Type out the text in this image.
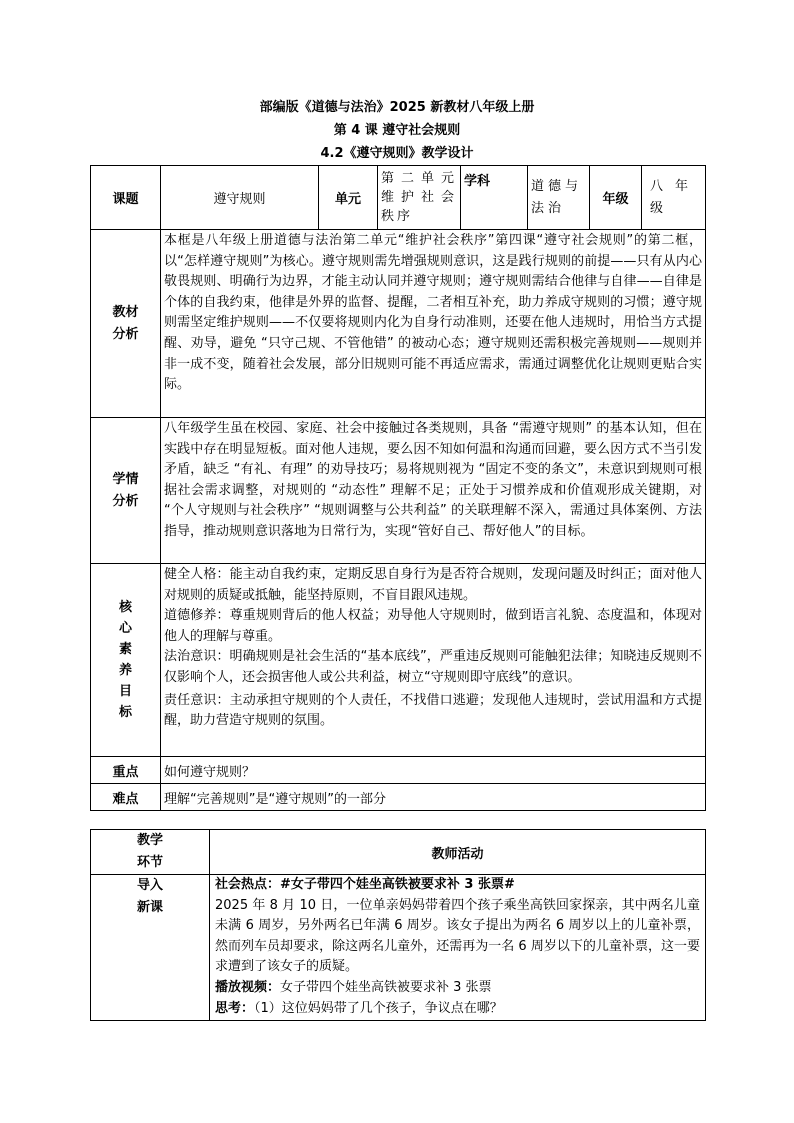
部编版《道德与法治》2025 新教材八年级上册
第 4 课 遵守社会规则
4.2《遵守规则》教学设计
课题	遵守规则	单元	第二单元维护社会秩序	学科	道德与法治	年级	八年级
教材分析	本框是八年级上册道德与法治第二单元“维护社会秩序”第四课“遵守社会规则”的第二框，以“怎样遵守规则”为核心。遵守规则需先增强规则意识，这是践行规则的前提——只有从内心敬畏规则、明确行为边界，才能主动认同并遵守规则；遵守规则需结合他律与自律——自律是个体的自我约束，他律是外界的监督、提醒，二者相互补充，助力养成守规则的习惯；遵守规则需坚定维护规则——不仅要将规则内化为自身行动准则，还要在他人违规时，用恰当方式提醒、劝导，避免 “只守己规、不管他错” 的被动心态；遵守规则还需积极完善规则——规则并非一成不变，随着社会发展，部分旧规则可能不再适应需求，需通过调整优化让规则更贴合实际。						
学情分析	八年级学生虽在校园、家庭、社会中接触过各类规则，具备 “需遵守规则” 的基本认知，但在实践中存在明显短板。面对他人违规，要么因不知如何温和沟通而回避，要么因方式不当引发矛盾，缺乏 “有礼、有理” 的劝导技巧；易将规则视为 “固定不变的条文”，未意识到规则可根据社会需求调整，对规则的 “动态性” 理解不足；正处于习惯养成和价值观形成关键期，对 “个人守规则与社会秩序” “规则调整与公共利益” 的关联理解不深入，需通过具体案例、方法指导，推动规则意识落地为日常行为，实现“管好自己、帮好他人”的目标。						
核心素养目标	健全人格：能主动自我约束，定期反思自身行为是否符合规则，发现问题及时纠正；面对他人对规则的质疑或抵触，能坚持原则，不盲目跟风违规。

道德修养：尊重规则背后的他人权益；劝导他人守规则时，做到语言礼貌、态度温和，体现对他人的理解与尊重。

法治意识：明确规则是社会生活的“基本底线”，严重违反规则可能触犯法律；知晓违反规则不仅影响个人，还会损害他人或公共利益，树立“守规则即守底线”的意识。

责任意识：主动承担守规则的个人责任，不找借口逃避；发现他人违规时，尝试用温和方式提醒，助力营造守规则的氛围。						

重点	如何遵守规则？						
难点	理解“完善规则”是“遵守规则”的一部分						
教学环节	教师活动
导入新课	社会热点：#女子带四个娃坐高铁被要求补 3 张票#

2025 年 8 月 10 日，一位单亲妈妈带着四个孩子乘坐高铁回家探亲，其中两名儿童未满 6 周岁，另外两名已年满 6 周岁。该女子提出为两名 6 周岁以上的儿童补票，然而列车员却要求，除这两名儿童外，还需再为一名 6 周岁以下的儿童补票，这一要求遭到了该女子的质疑。

播放视频：女子带四个娃坐高铁被要求补 3 张票

思考：（1）这位妈妈带了几个孩子，争议点在哪？
